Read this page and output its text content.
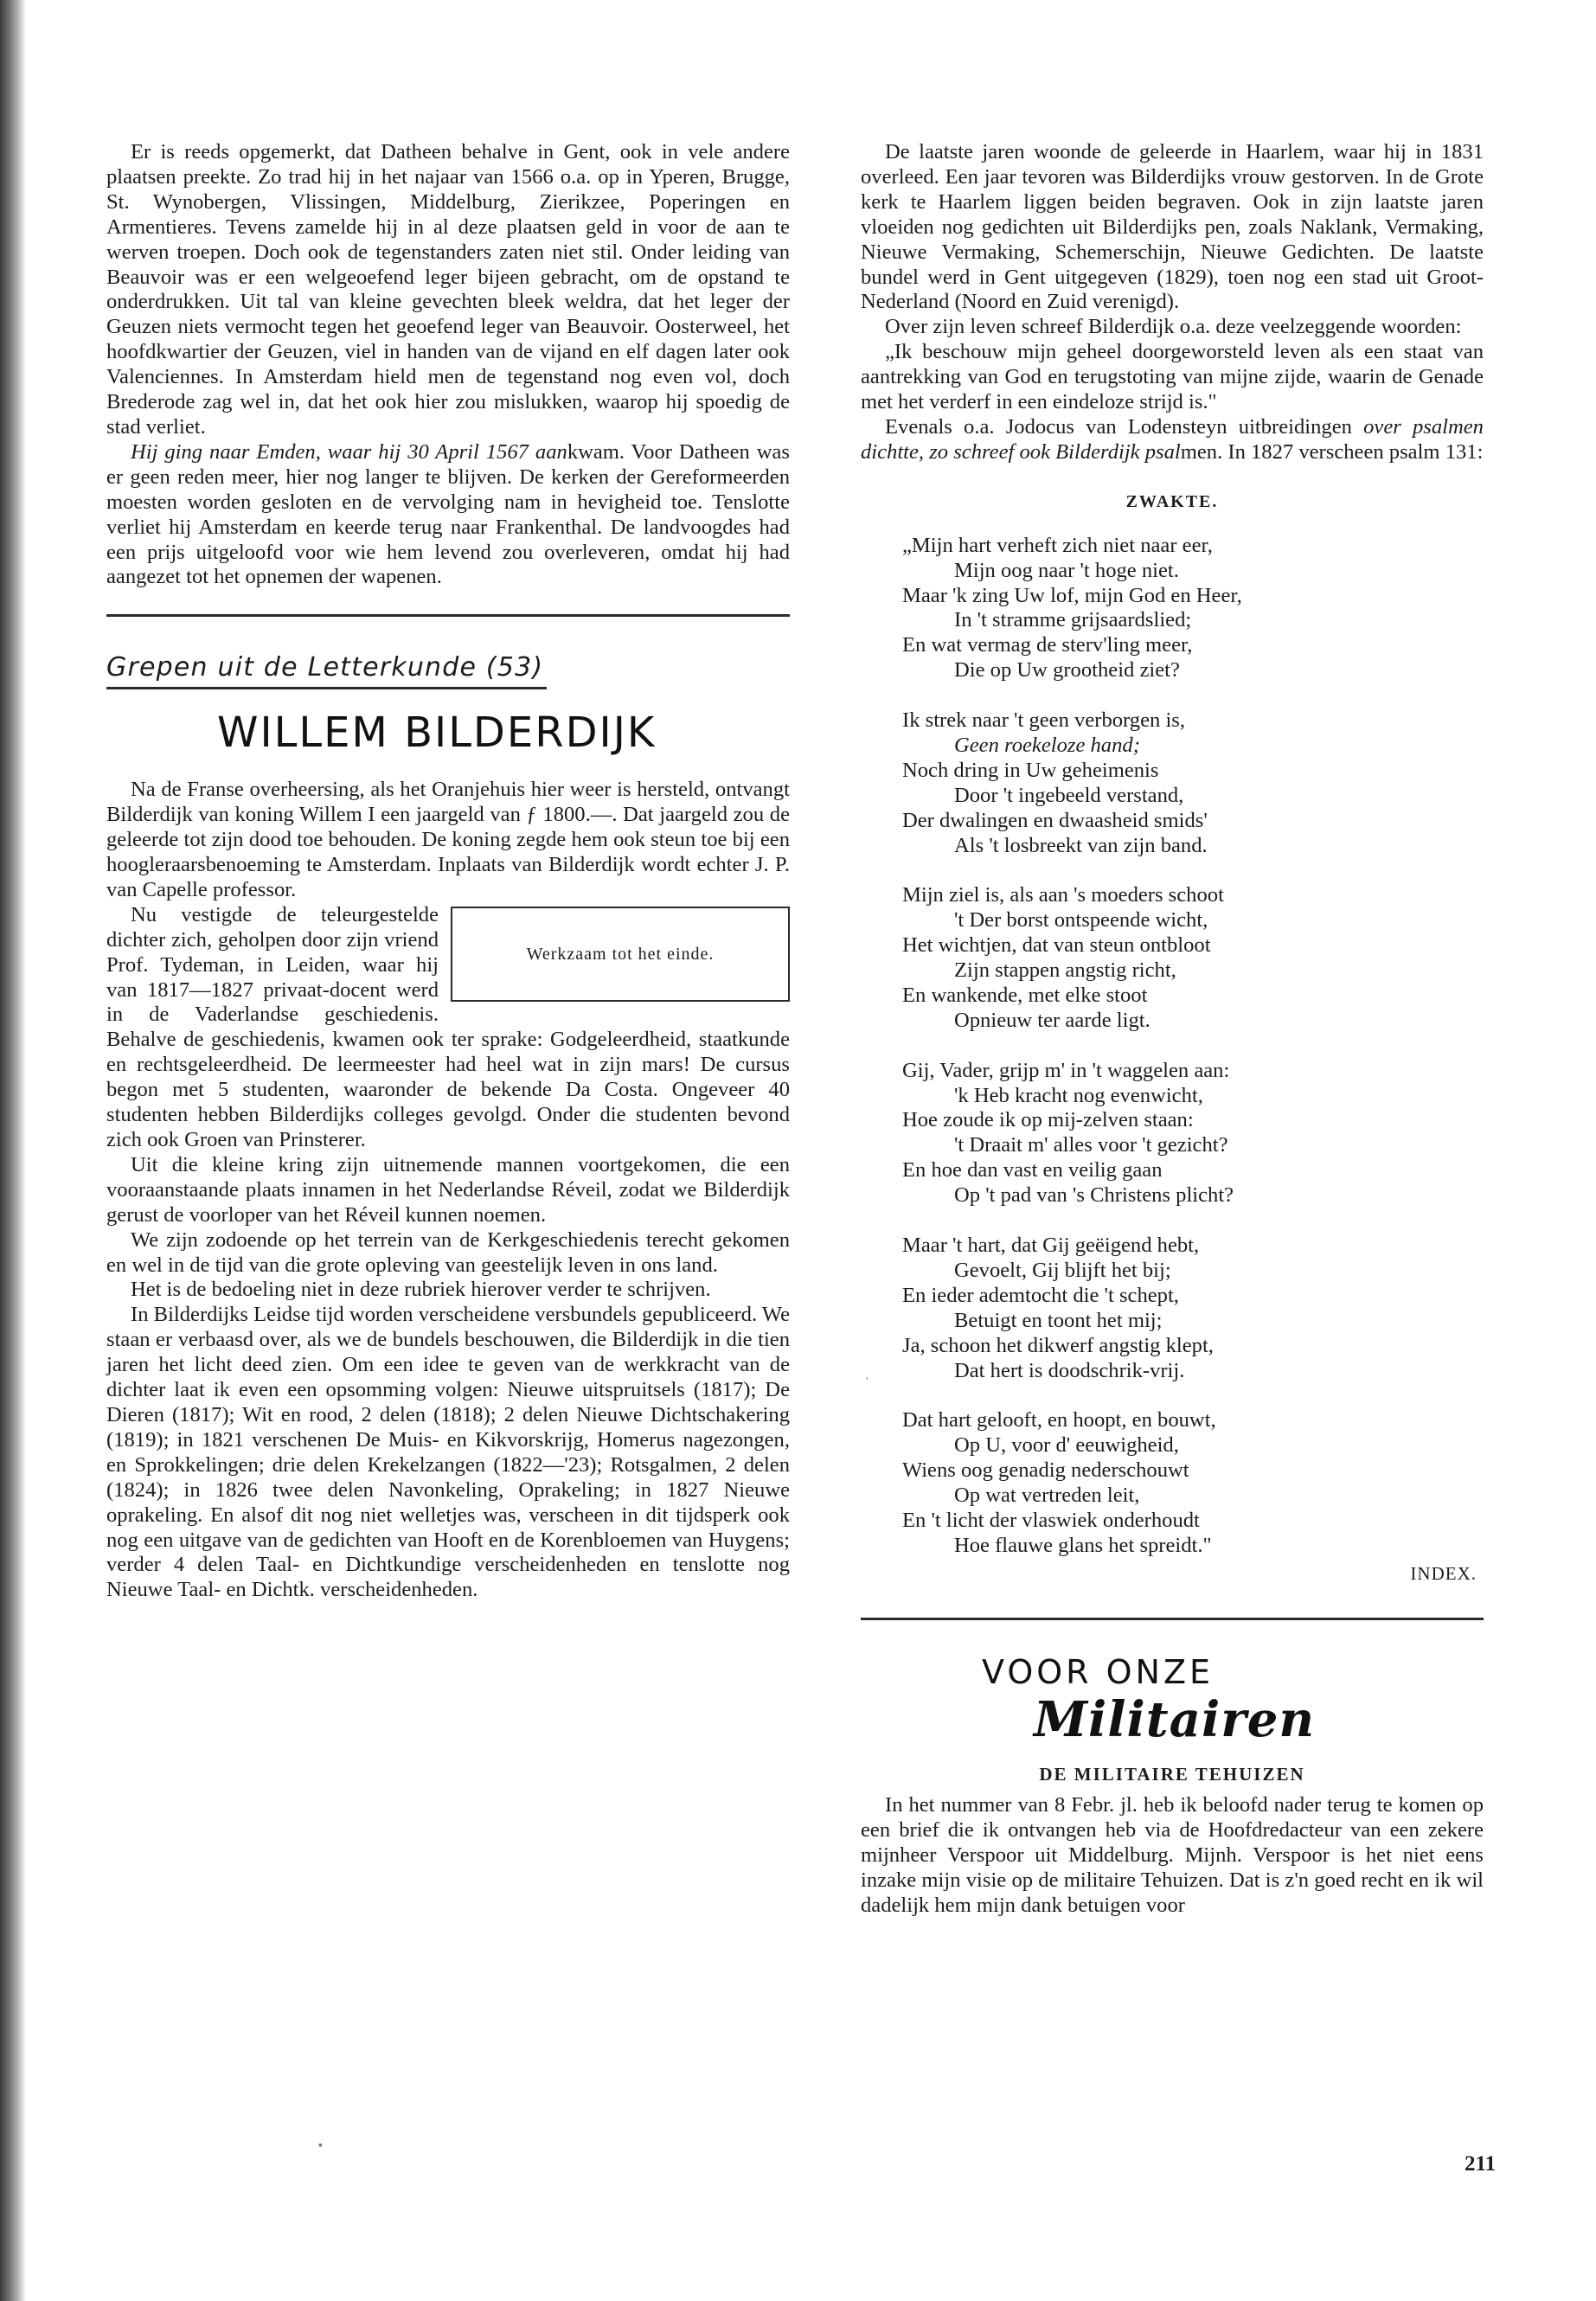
Er is reeds opgemerkt, dat Datheen behalve in Gent, ook in vele andere plaatsen preekte. Zo trad hij in het najaar van 1566 o.a. op in Yperen, Brugge, St. Wynobergen, Vlissingen, Middelburg, Zierikzee, Poperingen en Armentieres. Tevens zamelde hij in al deze plaatsen geld in voor de aan te werven troepen. Doch ook de tegenstanders zaten niet stil. Onder leiding van Beauvoir was er een welgeoefend leger bijeen gebracht, om de opstand te onderdrukken. Uit tal van kleine gevechten bleek weldra, dat het leger der Geuzen niets vermocht tegen het geoefend leger van Beauvoir. Oosterweel, het hoofdkwartier der Geuzen, viel in handen van de vijand en elf dagen later ook Valenciennes. In Amsterdam hield men de tegenstand nog even vol, doch Brederode zag wel in, dat het ook hier zou mislukken, waarop hij spoedig de stad verliet.

Hij ging naar Emden, waar hij 30 April 1567 aankwam. Voor Datheen was er geen reden meer, hier nog langer te blijven. De kerken der Gereformeerden moesten worden gesloten en de vervolging nam in hevigheid toe. Tenslotte verliet hij Amsterdam en keerde terug naar Frankenthal. De landvoogdes had een prijs uitgeloofd voor wie hem levend zou overleveren, omdat hij had aangezet tot het opnemen der wapenen.

Grepen uit de Letterkunde (53)
WILLEM BILDERDIJK

Na de Franse overheersing, als het Oranjehuis hier weer is hersteld, ontvangt Bilderdijk van koning Willem I een jaargeld van ƒ 1800.—. Dat jaargeld zou de geleerde tot zijn dood toe behouden. De koning zegde hem ook steun toe bij een hoogleraarsbenoeming te Amsterdam. Inplaats van Bilderdijk wordt echter J. P. van Capelle professor.

Werkzaam tot het einde.

Nu vestigde de teleurgestelde dichter zich, geholpen door zijn vriend Prof. Tydeman, in Leiden, waar hij van 1817—1827 privaat-docent werd in de Vaderlandse geschiedenis. Behalve de geschiedenis, kwamen ook ter sprake: Godgeleerdheid, staatkunde en rechtsgeleerdheid. De leermeester had heel wat in zijn mars! De cursus begon met 5 studenten, waaronder de bekende Da Costa. Ongeveer 40 studenten hebben Bilderdijks colleges gevolgd. Onder die studenten bevond zich ook Groen van Prinsterer.

Uit die kleine kring zijn uitnemende mannen voortgekomen, die een vooraanstaande plaats innamen in het Nederlandse Réveil, zodat we Bilderdijk gerust de voorloper van het Réveil kunnen noemen.

We zijn zodoende op het terrein van de Kerkgeschiedenis terecht gekomen en wel in de tijd van die grote opleving van geestelijk leven in ons land.

Het is de bedoeling niet in deze rubriek hierover verder te schrijven.

In Bilderdijks Leidse tijd worden verscheidene versbundels gepubliceerd. We staan er verbaasd over, als we de bundels beschouwen, die Bilderdijk in die tien jaren het licht deed zien. Om een idee te geven van de werkkracht van de dichter laat ik even een opsomming volgen: Nieuwe uitspruitsels (1817); De Dieren (1817); Wit en rood, 2 delen (1818); 2 delen Nieuwe Dichtschakering (1819); in 1821 verschenen De Muis- en Kikvorskrijg, Homerus nagezongen, en Sprokkelingen; drie delen Krekelzangen (1822—'23); Rotsgalmen, 2 delen (1824); in 1826 twee delen Navonkeling, Oprakeling; in 1827 Nieuwe oprakeling. En alsof dit nog niet welletjes was, verscheen in dit tijdsperk ook nog een uitgave van de gedichten van Hooft en de Korenbloemen van Huygens; verder 4 delen Taal- en Dichtkundige verscheidenheden en tenslotte nog Nieuwe Taal- en Dichtk. verscheidenheden.

De laatste jaren woonde de geleerde in Haarlem, waar hij in 1831 overleed. Een jaar tevoren was Bilderdijks vrouw gestorven. In de Grote kerk te Haarlem liggen beiden begraven. Ook in zijn laatste jaren vloeiden nog gedichten uit Bilderdijks pen, zoals Naklank, Vermaking, Nieuwe Vermaking, Schemerschijn, Nieuwe Gedichten. De laatste bundel werd in Gent uitgegeven (1829), toen nog een stad uit Groot-Nederland (Noord en Zuid verenigd).

Over zijn leven schreef Bilderdijk o.a. deze veelzeggende woorden:

„Ik beschouw mijn geheel doorgeworsteld leven als een staat van aantrekking van God en terugstoting van mijne zijde, waarin de Genade met het verderf in een eindeloze strijd is."

Evenals o.a. Jodocus van Lodensteyn uitbreidingen over psalmen dichtte, zo schreef ook Bilderdijk psalmen. In 1827 verscheen psalm 131:

ZWAKTE.
„Mijn hart verheft zich niet naar eer,
Mijn oog naar 't hoge niet.
Maar 'k zing Uw lof, mijn God en Heer,
In 't stramme grijsaardslied;
En wat vermag de sterv'ling meer,
Die op Uw grootheid ziet?
Ik strek naar 't geen verborgen is,
Geen roekeloze hand;
Noch dring in Uw geheimenis
Door 't ingebeeld verstand,
Der dwalingen en dwaasheid smids'
Als 't losbreekt van zijn band.
Mijn ziel is, als aan 's moeders schoot
't Der borst ontspeende wicht,
Het wichtjen, dat van steun ontbloot
Zijn stappen angstig richt,
En wankende, met elke stoot
Opnieuw ter aarde ligt.
Gij, Vader, grijp m' in 't waggelen aan:
'k Heb kracht nog evenwicht,
Hoe zoude ik op mij-zelven staan:
't Draait m' alles voor 't gezicht?
En hoe dan vast en veilig gaan
Op 't pad van 's Christens plicht?
Maar 't hart, dat Gij geëigend hebt,
Gevoelt, Gij blijft het bij;
En ieder ademtocht die 't schept,
Betuigt en toont het mij;
Ja, schoon het dikwerf angstig klept,
Dat hert is doodschrik-vrij.
Dat hart gelooft, en hoopt, en bouwt,
Op U, voor d' eeuwigheid,
Wiens oog genadig nederschouwt
Op wat vertreden leit,
En 't licht der vlaswiek onderhoudt
Hoe flauwe glans het spreidt."
INDEX.
VOOR ONZE
Militairen
DE MILITAIRE TEHUIZEN

In het nummer van 8 Febr. jl. heb ik beloofd nader terug te komen op een brief die ik ontvangen heb via de Hoofdredacteur van een zekere mijnheer Verspoor uit Middelburg. Mijnh. Verspoor is het niet eens inzake mijn visie op de militaire Tehuizen. Dat is z'n goed recht en ik wil dadelijk hem mijn dank betuigen voor

'
▪
211
